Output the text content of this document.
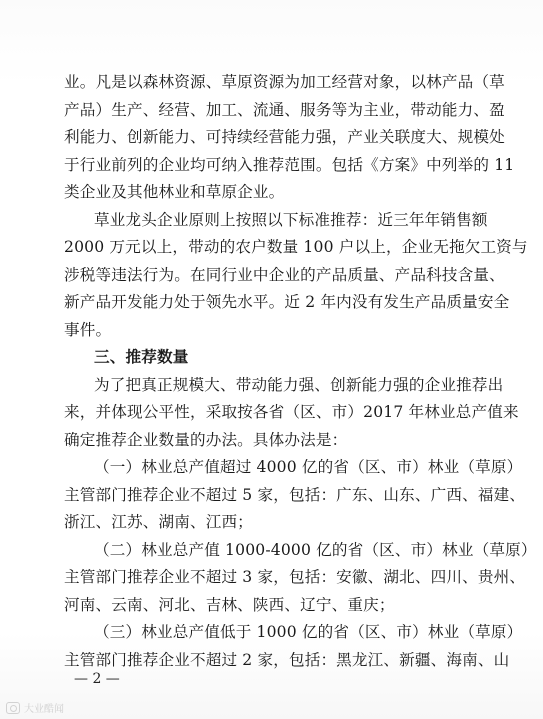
业。凡是以森林资源、草原资源为加工经营对象，以林产品（草
产品）生产、经营、加工、流通、服务等为主业，带动能力、盈
利能力、创新能力、可持续经营能力强，产业关联度大、规模处
于行业前列的企业均可纳入推荐范围。包括《方案》中列举的 11
类企业及其他林业和草原企业。
草业龙头企业原则上按照以下标准推荐：近三年年销售额
2000 万元以上，带动的农户数量 100 户以上，企业无拖欠工资与
涉税等违法行为。在同行业中企业的产品质量、产品科技含量、
新产品开发能力处于领先水平。近 2 年内没有发生产品质量安全
事件。
三、推荐数量
为了把真正规模大、带动能力强、创新能力强的企业推荐出
来，并体现公平性，采取按各省（区、市）2017 年林业总产值来
确定推荐企业数量的办法。具体办法是：
（一）林业总产值超过 4000 亿的省（区、市）林业（草原）
主管部门推荐企业不超过 5 家，包括：广东、山东、广西、福建、
浙江、江苏、湖南、江西；
（二）林业总产值 1000-4000 亿的省（区、市）林业（草原）
主管部门推荐企业不超过 3 家，包括：安徽、湖北、四川、贵州、
河南、云南、河北、吉林、陕西、辽宁、重庆；
（三）林业总产值低于 1000 亿的省（区、市）林业（草原）
主管部门推荐企业不超过 2 家，包括：黑龙江、新疆、海南、山
— 2 —
大业酷闻
